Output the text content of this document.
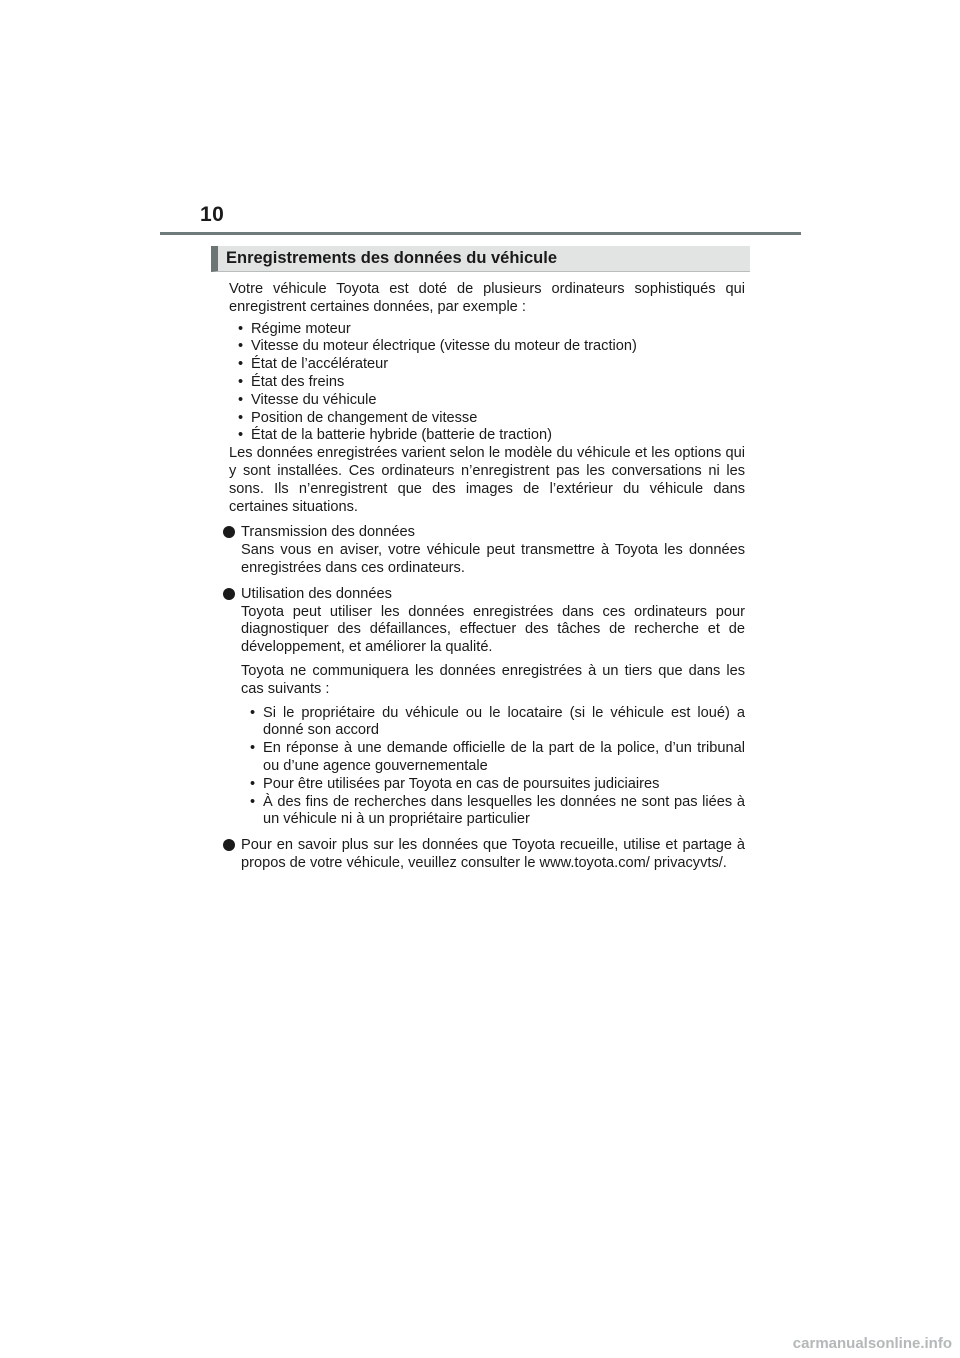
10
Enregistrements des données du véhicule

Votre véhicule Toyota est doté de plusieurs ordinateurs sophistiqués qui enregistrent certaines données, par exemple :

• Régime moteur
• Vitesse du moteur électrique (vitesse du moteur de traction)
• État de l’accélérateur
• État des freins
• Vitesse du véhicule
• Position de changement de vitesse
• État de la batterie hybride (batterie de traction)

Les données enregistrées varient selon le modèle du véhicule et les options qui y sont installées. Ces ordinateurs n’enregistrent pas les conversations ni les sons. Ils n’enregistrent que des images de l’extérieur du véhicule dans certaines situations.

Transmission des données

Sans vous en aviser, votre véhicule peut transmettre à Toyota les données enregistrées dans ces ordinateurs.

Utilisation des données

Toyota peut utiliser les données enregistrées dans ces ordinateurs pour diagnostiquer des défaillances, effectuer des tâches de recherche et de développement, et améliorer la qualité.

Toyota ne communiquera les données enregistrées à un tiers que dans les cas suivants :

• Si le propriétaire du véhicule ou le locataire (si le véhicule est loué) a donné son accord
• En réponse à une demande officielle de la part de la police, d’un tribunal ou d’une agence gouvernementale
• Pour être utilisées par Toyota en cas de poursuites judiciaires
• À des fins de recherches dans lesquelles les données ne sont pas liées à un véhicule ni à un propriétaire particulier

Pour en savoir plus sur les données que Toyota recueille, utilise et partage à propos de votre véhicule, veuillez consulter le www.toyota.com/ privacyvts/.

carmanualsonline.info
